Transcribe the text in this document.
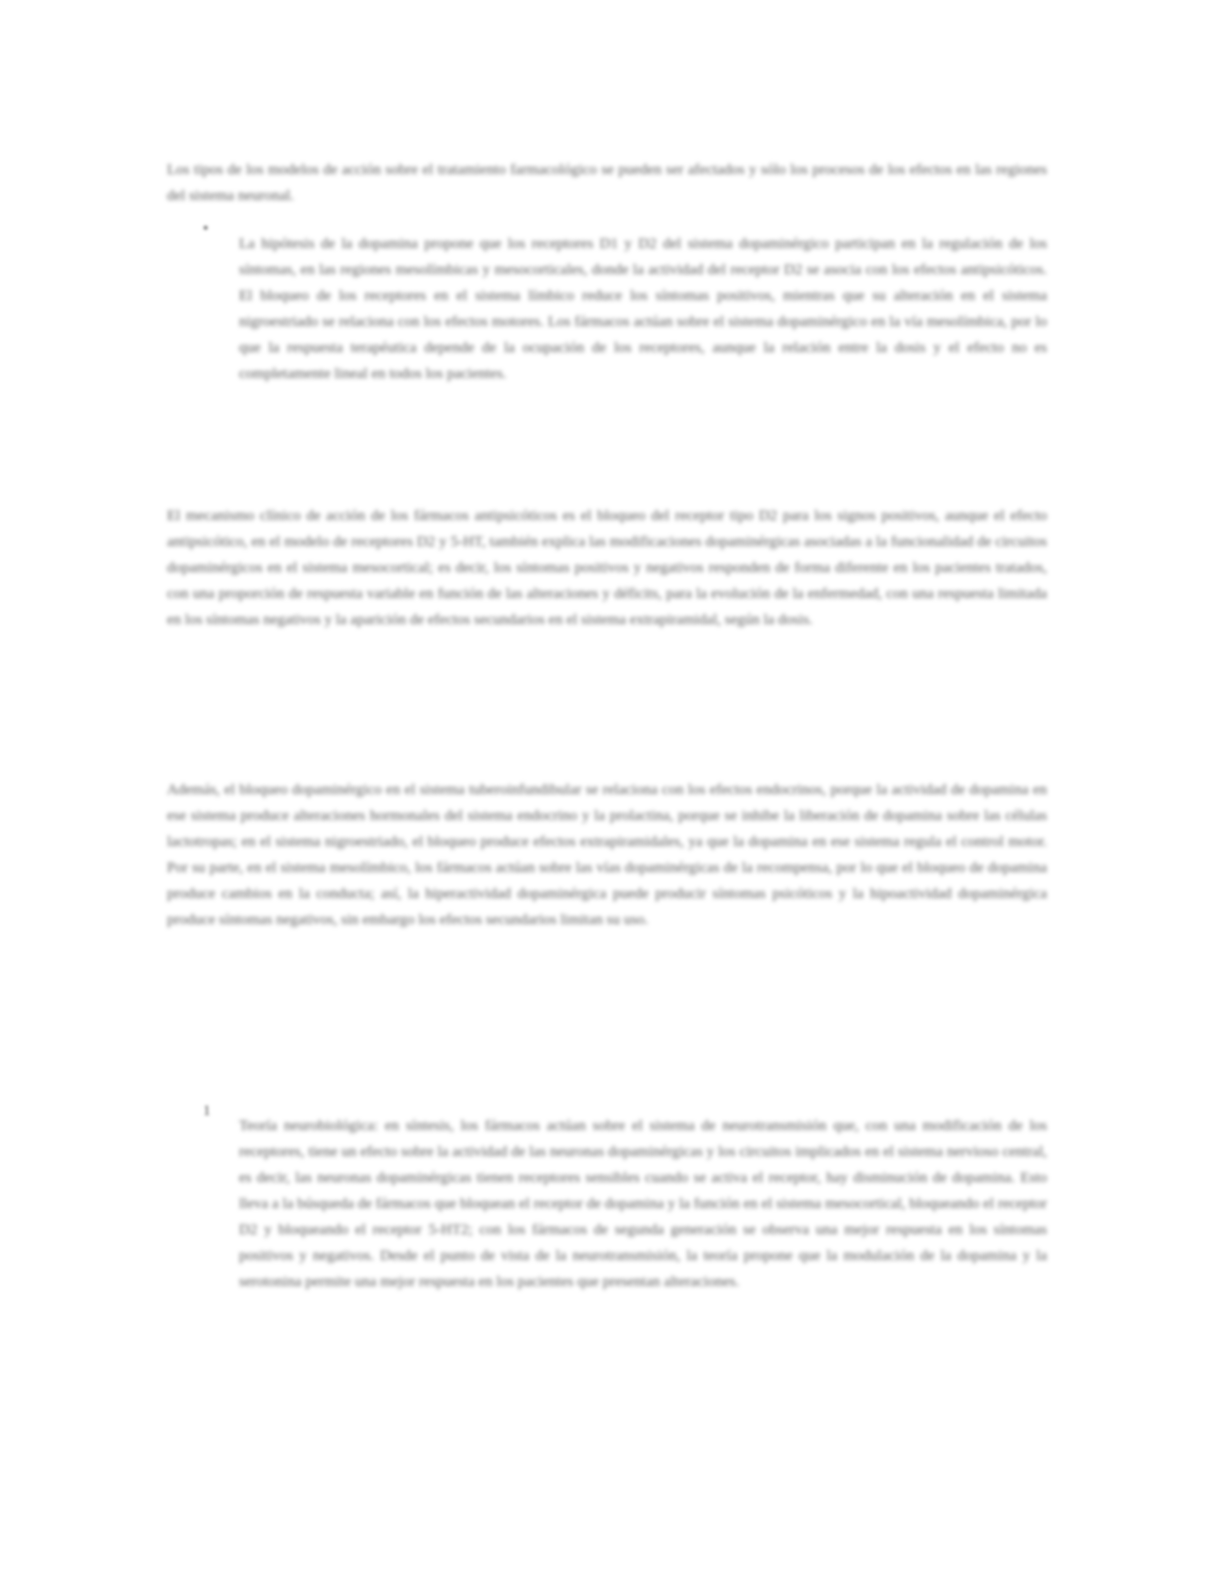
Los tipos de los modelos de acción sobre el tratamiento farmacológico se pueden ser afectados y sólo los procesos de los efectos en las regiones del sistema neuronal.

•

La hipótesis de la dopamina propone que los receptores D1 y D2 del sistema dopaminérgico participan en la regulación de los síntomas, en las regiones mesolímbicas y mesocorticales, donde la actividad del receptor D2 se asocia con los efectos antipsicóticos. El bloqueo de los receptores en el sistema límbico reduce los síntomas positivos, mientras que su alteración en el sistema nigroestriado se relaciona con los efectos motores. Los fármacos actúan sobre el sistema dopaminérgico en la vía mesolímbica, por lo que la respuesta terapéutica depende de la ocupación de los receptores, aunque la relación entre la dosis y el efecto no es completamente lineal en todos los pacientes.

El mecanismo clínico de acción de los fármacos antipsicóticos es el bloqueo del receptor tipo D2 para los signos positivos, aunque el efecto antipsicótico, en el modelo de receptores D2 y 5-HT, también explica las modificaciones dopaminérgicas asociadas a la funcionalidad de circuitos dopaminérgicos en el sistema mesocortical; es decir, los síntomas positivos y negativos responden de forma diferente en los pacientes tratados, con una proporción de respuesta variable en función de las alteraciones y déficits, para la evolución de la enfermedad, con una respuesta limitada en los síntomas negativos y la aparición de efectos secundarios en el sistema extrapiramidal, según la dosis.

Además, el bloqueo dopaminérgico en el sistema tuberoinfundibular se relaciona con los efectos endocrinos, porque la actividad de dopamina en ese sistema produce alteraciones hormonales del sistema endocrino y la prolactina, porque se inhibe la liberación de dopamina sobre las células lactotropas; en el sistema nigroestriado, el bloqueo produce efectos extrapiramidales, ya que la dopamina en ese sistema regula el control motor. Por su parte, en el sistema mesolímbico, los fármacos actúan sobre las vías dopaminérgicas de la recompensa, por lo que el bloqueo de dopamina produce cambios en la conducta; así, la hiperactividad dopaminérgica puede producir síntomas psicóticos y la hipoactividad dopaminérgica produce síntomas negativos, sin embargo los efectos secundarios limitan su uso.

1

Teoría neurobiológica: en síntesis, los fármacos actúan sobre el sistema de neurotransmisión que, con una modificación de los receptores, tiene un efecto sobre la actividad de las neuronas dopaminérgicas y los circuitos implicados en el sistema nervioso central, es decir, las neuronas dopaminérgicas tienen receptores sensibles cuando se activa el receptor, hay disminución de dopamina. Esto lleva a la búsqueda de fármacos que bloquean el receptor de dopamina y la función en el sistema mesocortical, bloqueando el receptor D2 y bloqueando el receptor 5-HT2; con los fármacos de segunda generación se observa una mejor respuesta en los síntomas positivos y negativos. Desde el punto de vista de la neurotransmisión, la teoría propone que la modulación de la dopamina y la serotonina permite una mejor respuesta en los pacientes que presentan alteraciones.
